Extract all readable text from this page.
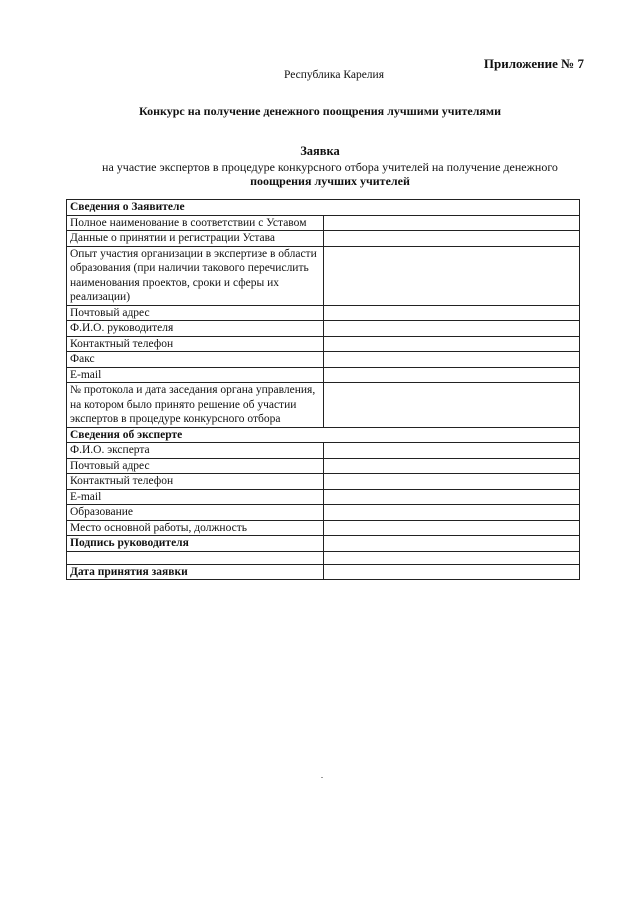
Приложение № 7
Республика Карелия
Конкурс на получение денежного поощрения лучшими учителями
Заявка
на участие экспертов в процедуре конкурсного отбора учителей на получение денежного
поощрения лучших учителей
Сведения о Заявителе	
Полное наименование в соответствии с Уставом	
Данные о принятии и регистрации Устава	
Опыт участия организации в экспертизе в области образования (при наличии такового перечислить наименования проектов, сроки и сферы их реализации)	
Почтовый адрес	
Ф.И.О. руководителя	
Контактный телефон	
Факс	
E-mail	
№ протокола и дата заседания органа управления, на котором было принято решение об участии экспертов в процедуре конкурсного отбора	
Сведения об эксперте	
Ф.И.О. эксперта	
Почтовый адрес	
Контактный телефон	
E-mail	
Образование	
Место основной работы, должность	
Подпись руководителя	

Дата принятия заявки	
